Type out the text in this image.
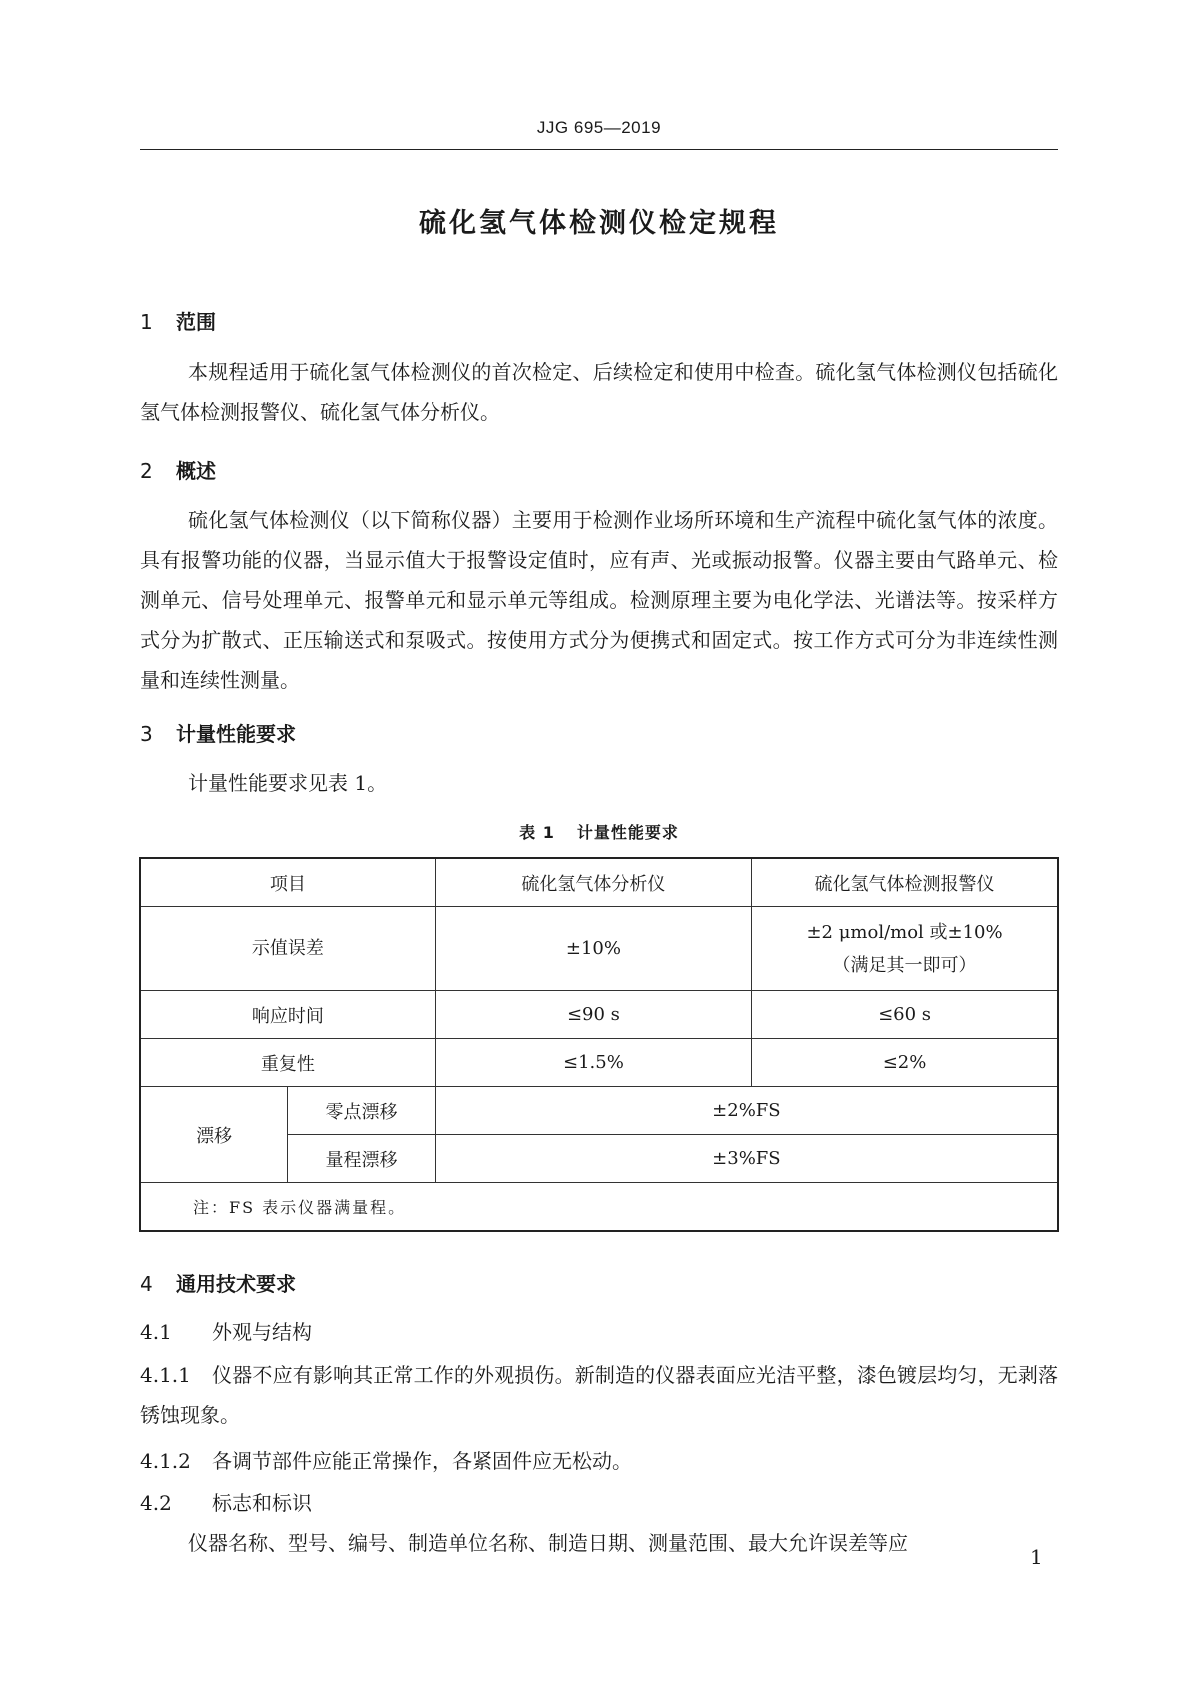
JJG 695—2019
硫化氢气体检测仪检定规程
1 范围

本规程适用于硫化氢气体检测仪的首次检定、后续检定和使用中检查。硫化氢气体检测仪包括硫化氢气体检测报警仪、硫化氢气体分析仪。

2 概述

硫化氢气体检测仪（以下简称仪器）主要用于检测作业场所环境和生产流程中硫化氢气体的浓度。具有报警功能的仪器，当显示值大于报警设定值时，应有声、光或振动报警。仪器主要由气路单元、检测单元、信号处理单元、报警单元和显示单元等组成。检测原理主要为电化学法、光谱法等。按采样方式分为扩散式、正压输送式和泵吸式。按使用方式分为便携式和固定式。按工作方式可分为非连续性测量和连续性测量。

3 计量性能要求

计量性能要求见表 1。

表 1 计量性能要求
项目		硫化氢气体分析仪	硫化氢气体检测报警仪
示值误差		±10%	±2 μmol/mol 或±10%
（满足其一即可）

响应时间		≤90 s	≤60 s
重复性		≤1.5%	≤2%
漂移	零点漂移	±2%FS	
	量程漂移	±3%FS	
注：FS 表示仪器满量程。			
4 通用技术要求

4.1 外观与结构

4.1.1 仪器不应有影响其正常工作的外观损伤。新制造的仪器表面应光洁平整，漆色镀层均匀，无剥落锈蚀现象。

4.1.2 各调节部件应能正常操作，各紧固件应无松动。

4.2 标志和标识

仪器名称、型号、编号、制造单位名称、制造日期、测量范围、最大允许误差等应

1
